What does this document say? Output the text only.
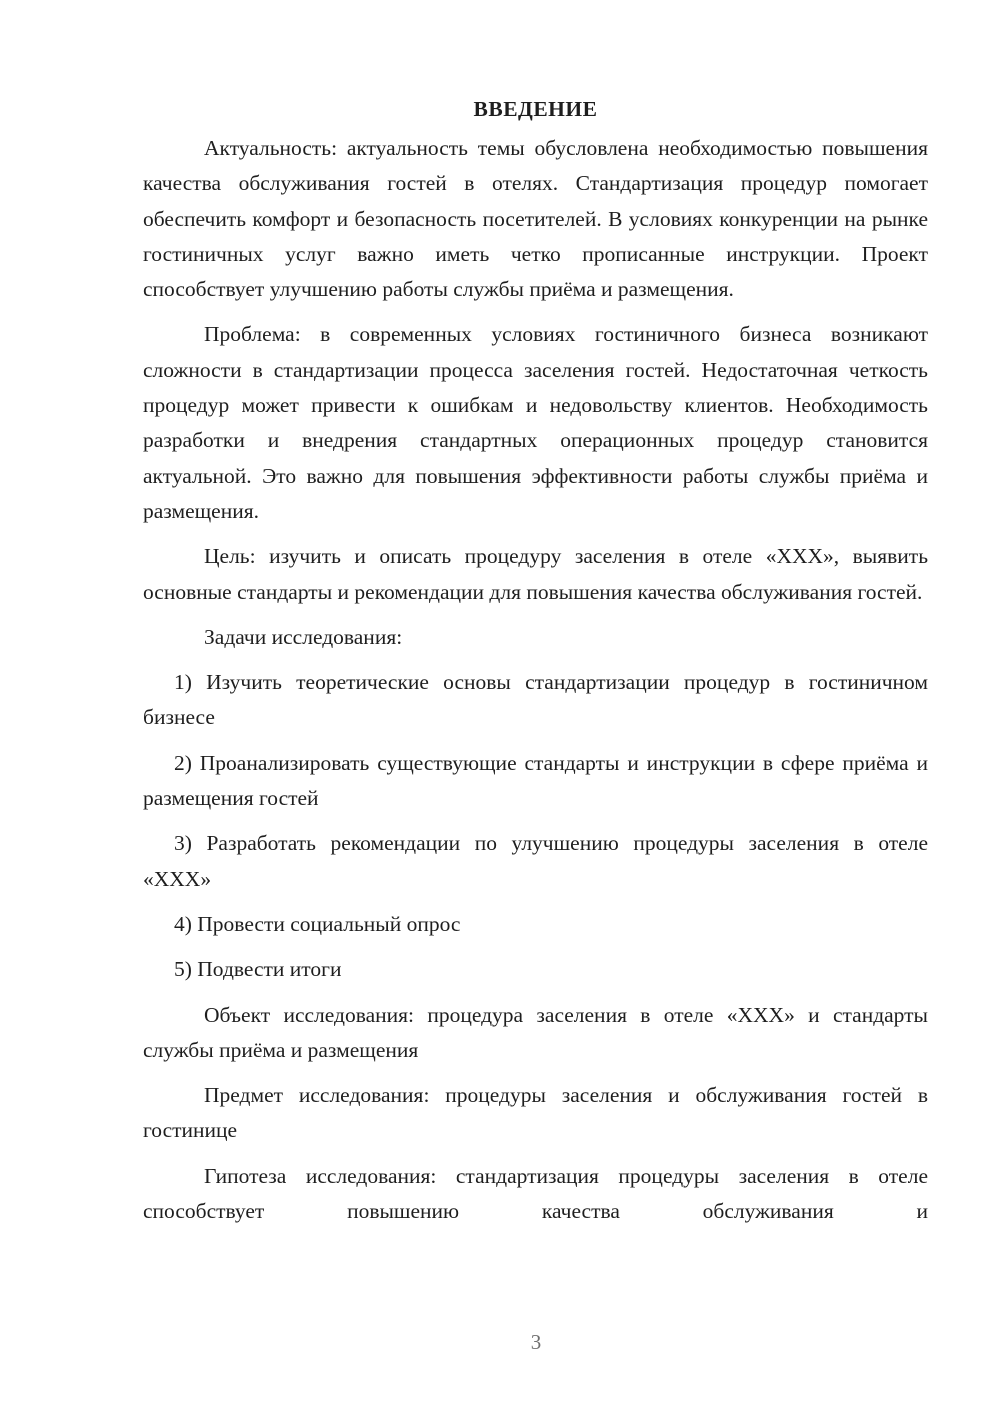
ВВЕДЕНИЕ

Актуальность: актуальность темы обусловлена необходимостью повышения качества обслуживания гостей в отелях. Стандартизация процедур помогает обеспечить комфорт и безопасность посетителей. В условиях конкуренции на рынке гостиничных услуг важно иметь четко прописанные инструкции. Проект способствует улучшению работы службы приёма и размещения.

Проблема: в современных условиях гостиничного бизнеса возникают сложности в стандартизации процесса заселения гостей. Недостаточная четкость процедур может привести к ошибкам и недовольству клиентов. Необходимость разработки и внедрения стандартных операционных процедур становится актуальной. Это важно для повышения эффективности работы службы приёма и размещения.

Цель: изучить и описать процедуру заселения в отеле «XXX», выявить основные стандарты и рекомендации для повышения качества обслуживания гостей.

Задачи исследования:

1) Изучить теоретические основы стандартизации процедур в гостиничном бизнесе

2) Проанализировать существующие стандарты и инструкции в сфере приёма и размещения гостей

3) Разработать рекомендации по улучшению процедуры заселения в отеле «XXX»

4) Провести социальный опрос

5) Подвести итоги

Объект исследования: процедура заселения в отеле «XXX» и стандарты службы приёма и размещения

Предмет исследования: процедуры заселения и обслуживания гостей в гостинице

Гипотеза исследования: стандартизация процедуры заселения в отеле способствует повышению качества обслуживания и

3
